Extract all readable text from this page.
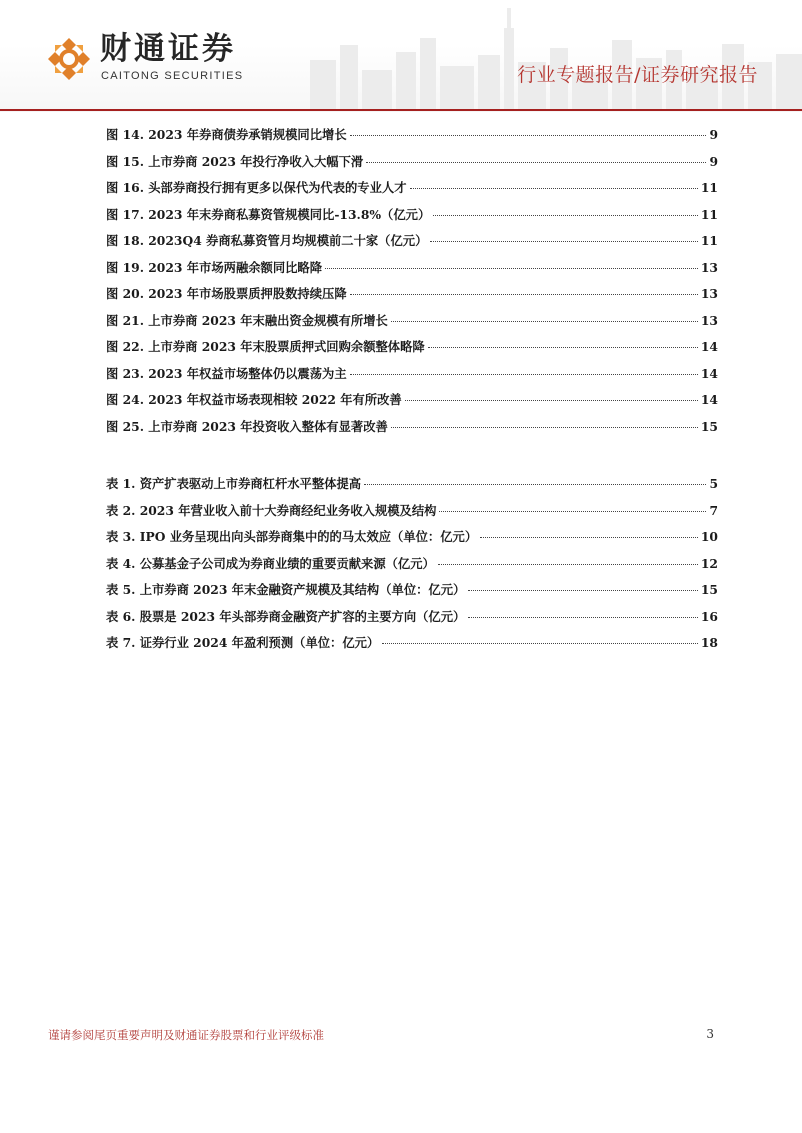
财通证券
CAITONG SECURITIES	行业专题报告/证券研究报告
图 14. 2023 年券商债券承销规模同比增长	9
图 15. 上市券商 2023 年投行净收入大幅下滑	9
图 16. 头部券商投行拥有更多以保代为代表的专业人才	11
图 17. 2023 年末券商私募资管规模同比-13.8%（亿元）	11
图 18. 2023Q4 券商私募资管月均规模前二十家（亿元）	11
图 19. 2023 年市场两融余额同比略降	13
图 20. 2023 年市场股票质押股数持续压降	13
图 21. 上市券商 2023 年末融出资金规模有所增长	13
图 22. 上市券商 2023 年末股票质押式回购余额整体略降	14
图 23. 2023 年权益市场整体仍以震荡为主	14
图 24. 2023 年权益市场表现相较 2022 年有所改善	14
图 25. 上市券商 2023 年投资收入整体有显著改善	15
表 1. 资产扩表驱动上市券商杠杆水平整体提高	5
表 2. 2023 年营业收入前十大券商经纪业务收入规模及结构	7
表 3. IPO 业务呈现出向头部券商集中的的马太效应（单位：亿元）	10
表 4. 公募基金子公司成为券商业绩的重要贡献来源（亿元）	12
表 5. 上市券商 2023 年末金融资产规模及其结构（单位：亿元）	15
表 6. 股票是 2023 年头部券商金融资产扩容的主要方向（亿元）	16
表 7. 证券行业 2024 年盈利预测（单位：亿元）	18
谨请参阅尾页重要声明及财通证券股票和行业评级标准	3
